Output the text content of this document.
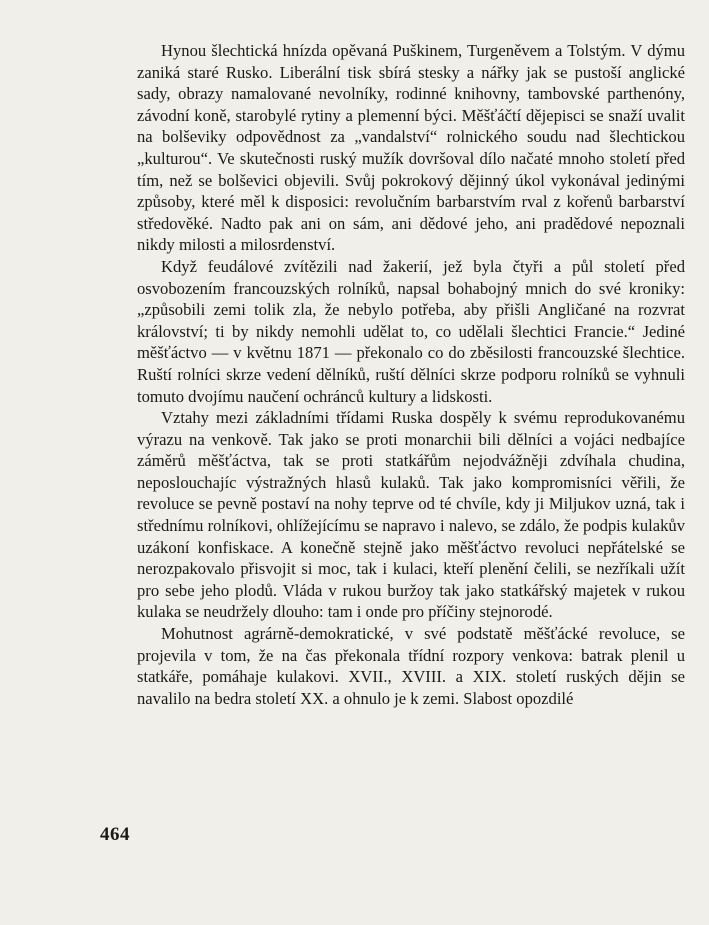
Hynou šlechtická hnízda opěvaná Puškinem, Turgeněvem a Tolstým. V dýmu zaniká staré Rusko. Liberální tisk sbírá stesky a nářky jak se pustoší anglické sady, obrazy namalované nevolníky, rodinné knihovny, tambovské parthenóny, závodní koně, starobylé rytiny a plemenní býci. Měšťáčtí dějepisci se snaží uvalit na bolševiky odpovědnost za „vandalství“ rolnického soudu nad šlechtickou „kulturou“. Ve skutečnosti ruský mužík dovršoval dílo načaté mnoho století před tím, než se bolševici objevili. Svůj pokrokový dějinný úkol vykonával jedinými způsoby, které měl k disposici: revolučním barbarstvím rval z kořenů barbarství středověké. Nadto pak ani on sám, ani dědové jeho, ani pradědové nepoznali nikdy milosti a milosrdenství.

Když feudálové zvítězili nad žakerií, jež byla čtyři a půl století před osvobozením francouzských rolníků, napsal bohabojný mnich do své kroniky: „způsobili zemi tolik zla, že nebylo potřeba, aby přišli Angličané na rozvrat království; ti by nikdy nemohli udělat to, co udělali šlechtici Francie.“ Jediné měšťáctvo — v květnu 1871 — překonalo co do zběsilosti francouzské šlechtice. Ruští rolníci skrze vedení dělníků, ruští dělníci skrze podporu rolníků se vyhnuli tomuto dvojímu naučení ochránců kultury a lidskosti.

Vztahy mezi základními třídami Ruska dospěly k svému reprodukovanému výrazu na venkově. Tak jako se proti monarchii bili dělníci a vojáci nedbajíce záměrů měšťáctva, tak se proti statkářům nejodvážněji zdvíhala chudina, neposlouchajíc výstražných hlasů kulaků. Tak jako kompromisníci věřili, že revoluce se pevně postaví na nohy teprve od té chvíle, kdy ji Miljukov uzná, tak i střednímu rolníkovi, ohlížejícímu se napravo i nalevo, se zdálo, že podpis kulakův uzákoní konfiskace. A konečně stejně jako měšťáctvo revoluci nepřátelské se nerozpakovalo přisvojit si moc, tak i kulaci, kteří plenění čelili, se nezříkali užít pro sebe jeho plodů. Vláda v rukou buržoy tak jako statkářský majetek v rukou kulaka se neudržely dlouho: tam i onde pro příčiny stejnorodé.

Mohutnost agrárně-demokratické, v své podstatě měšťácké revoluce, se projevila v tom, že na čas překonala třídní rozpory venkova: batrak plenil u statkáře, pomáhaje kulakovi. XVII., XVIII. a XIX. století ruských dějin se navalilo na bedra století XX. a ohnulo je k zemi. Slabost opozdilé

464
